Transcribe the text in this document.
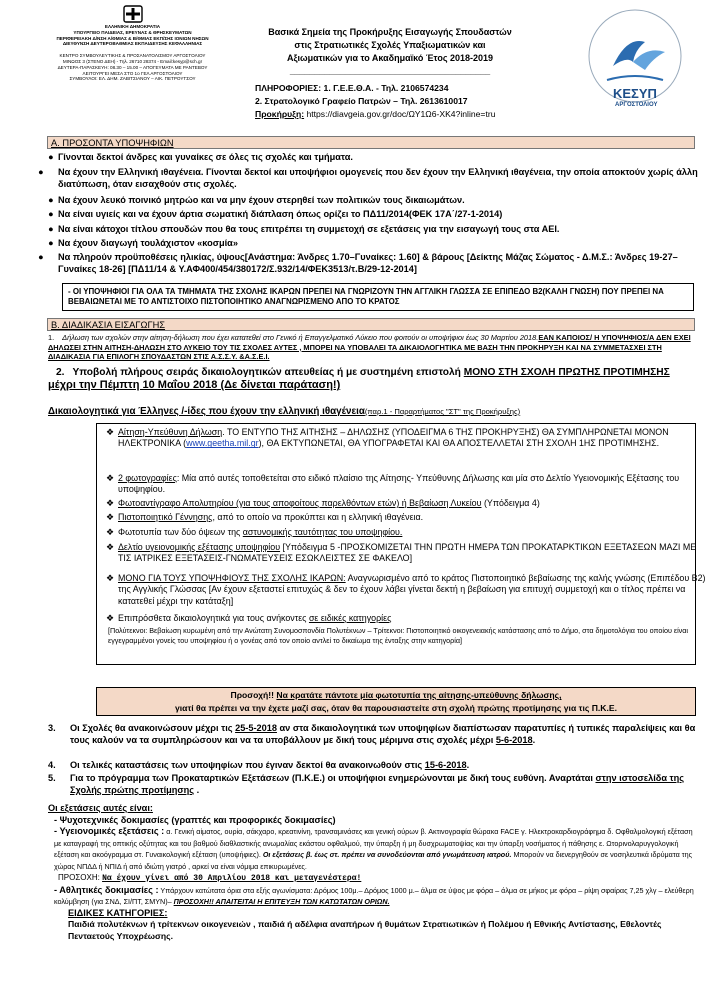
ΕΛΛΗΝΙΚΗ ΔΗΜΟΚΡΑΤΙΑ
ΥΠΟΥΡΓΕΙΟ ΠΑΙΔΕΙΑΣ, ΕΡΕΥΝΑΣ & ΘΡΗΣΚΕΥΜΑΤΩΝ
ΠΕΡΙΦΕΡΕΙΑΚΗ Δ/ΝΣΗ Α/ΘΜΙΑΣ & Β/ΘΜΙΑΣ ΕΚΠ/ΣΗΣ ΙΟΝΙΩΝ ΝΗΣΩΝ
ΔΙΕΥΘΥΝΣΗ ΔΕΥΤΕΡΟΒΑΘΜΙΑΣ ΕΚΠΑΙΔΕΥΣΗΣ ΚΕΦΑΛΛΗΝΙΑΣ
ΚΕΝΤΡΟ ΣΥΜΒΟΥΛΕΥΤΙΚΗΣ & ΠΡΟΣΑΝΑΤΟΛΙΣΜΟΥ ΑΡΓΟΣΤΟΛΙΟΥ
ΜΙΝΩΟΣ 3 (ΣΤΕΝΟ ΔΕΗ) - Τηλ. 26710 28374 - Email:kesyp@sch.gr
ΔΕΥΤΕΡΑ-ΠΑΡΑΣΚΕΥΗ: 08.30 – 15.00 – ΑΠΟΓΕΥΜΑΤΑ ΜΕ ΡΑΝΤΕΒΟΥ
ΛΕΙΤΟΥΡΓΕΙ ΜΕΣΑ ΣΤΟ 1ο ΓΕΛ ΑΡΓΟΣΤΟΛΙΟΥ
ΣΥΜΒΟΥΛΟΙ: ΕΛ. ΔΗΜ. ΖΑΒΙΤΣΙΑΝΟΥ – ΑΙΚ. ΠΕΤΡΟΥΤΣΟΥ
Βασικά Σημεία της Προκήρυξης Εισαγωγής Σπουδαστών
στις Στρατιωτικές Σχολές Υπαξιωματικών και
Αξιωματικών για το Ακαδημαϊκό Έτος 2018-2019
________________________________________
ΠΛΗΡΟΦΟΡΙΕΣ: 1. Γ.Ε.Ε.Θ.Α. - Τηλ. 2106574234
2. Στρατολογικό Γραφείο Πατρών – Τηλ. 2613610017
Προκήρυξη: https://diavgeia.gov.gr/doc/ΩΥ1Ω6-ΧΚ4?inline=tru
ΚΕΣΥΠ
ΑΡΓΟΣΤΟΛΙΟΥ
Α. ΠΡΟΣΟΝΤΑ ΥΠΟΨΗΦΙΩΝ
● Γίνονται δεκτοί άνδρες και γυναίκες σε όλες τις σχολές και τμήματα.
● Να έχουν την Ελληνική ιθαγένεια. Γίνονται δεκτοί και υποψήφιοι ομογενείς που δεν έχουν την Ελληνική ιθαγένεια, την οποία αποκτούν χωρίς άλλη διατύπωση, όταν εισαχθούν στις σχολές.
● Να έχουν λευκό ποινικό μητρώο και να μην έχουν στερηθεί των πολιτικών τους δικαιωμάτων.
● Να είναι υγιείς και να έχουν άρτια σωματική διάπλαση όπως ορίζει το ΠΔ11/2014(ΦΕΚ 17Α΄/27-1-2014)
● Να είναι κάτοχοι τίτλου σπουδών που θα τους επιτρέπει τη συμμετοχή σε εξετάσεις για την εισαγωγή τους στα ΑΕΙ.
● Να έχουν διαγωγή τουλάχιστον «κοσμία»
● Να πληρούν προϋποθέσεις ηλικίας, ύψους[Ανάστημα: Άνδρες 1.70–Γυναίκες: 1.60] & βάρους [Δείκτης Μάζας Σώματος - Δ.Μ.Σ.: Άνδρες 19-27– Γυναίκες 18-26] [ΠΔ11/14 & Υ.ΑΦ400/454/380172/Σ.932/14/ΦΕΚ3513/τ.Β/29-12-2014]
- ΟΙ ΥΠΟΨΗΦΙΟΙ ΓΙΑ ΟΛΑ ΤΑ ΤΜΗΜΑΤΑ ΤΗΣ ΣΧΟΛΗΣ ΙΚΑΡΩΝ ΠΡΕΠΕΙ ΝΑ ΓΝΩΡΙΖΟΥΝ ΤΗΝ ΑΓΓΛΙΚΗ ΓΛΩΣΣΑ ΣΕ ΕΠΙΠΕΔΟ Β2(ΚΑΛΗ ΓΝΩΣΗ) ΠΟΥ ΠΡΕΠΕΙ ΝΑ ΒΕΒΑΙΩΝΕΤΑΙ ΜΕ ΤΟ ΑΝΤΙΣΤΟΙΧΟ ΠΙΣΤΟΠΟΙΗΤΙΚΟ ΑΝΑΓΝΩΡΙΣΜΕΝΟ ΑΠΟ ΤΟ ΚΡΑΤΟΣ
Β. ΔΙΑΔΙΚΑΣΙΑ ΕΙΣΑΓΩΓΗΣ
1. Δήλωση των σχολών στην αίτηση-δήλωση που έχει κατατεθεί στο Γενικό ή Επαγγελματικό Λύκειο που φοιτούν οι υποψήφιοι έως 30 Μαρτίου 2018.ΕΑΝ ΚΑΠΟΙΟΣ/ Η ΥΠΟΨΗΦΙΟΣ/Α ΔΕΝ ΕΧΕΙ ΔΗΛΩΣΕΙ ΣΤΗΝ ΑΙΤΗΣΗ-ΔΗΛΩΣΗ ΣΤΟ ΛΥΚΕΙΟ ΤΟΥ ΤΙΣ ΣΧΟΛΕΣ ΑΥΤΕΣ , ΜΠΟΡΕΙ ΝΑ ΥΠΟΒΑΛΕΙ ΤΑ ΔΙΚΑΙΟΛΟΓΗΤΙΚΑ ΜΕ ΒΑΣΗ ΤΗΝ ΠΡΟΚΗΡΥΞΗ ΚΑΙ ΝΑ ΣΥΜΜΕΤΑΣΧΕΙ ΣΤΗ ΔΙΑΔΙΚΑΣΙΑ ΓΙΑ ΕΠΙΛΟΓΗ ΣΠΟΥΔΑΣΤΩΝ ΣΤΙΣ Α.Σ.Σ.Υ. &Α.Σ.Ε.Ι.
2. Υποβολή πλήρους σειράς δικαιολογητικών απευθείας ή με συστημένη επιστολή ΜΟΝΟ ΣΤΗ ΣΧΟΛΗ ΠΡΩΤΗΣ ΠΡΟΤΙΜΗΣΗΣ μέχρι την Πέμπτη 10 Μαΐου 2018 (Δε δίνεται παράταση!)
Δικαιολογητικά για Έλληνες /-ίδες που έχουν την ελληνική ιθαγένεια(παρ.1 - Παραρτήματος "ΣΤ" της Προκήρυξης)
❖ Αίτηση-Υπεύθυνη Δήλωση. ΤΟ ΕΝΤΥΠΟ ΤΗΣ ΑΙΤΗΣΗΣ – ΔΗΛΩΣΗΣ (ΥΠΟΔΕΙΓΜΑ 6 ΤΗΣ ΠΡΟΚΗΡΥΞΗΣ) ΘΑ ΣΥΜΠΛΗΡΩΝΕΤΑΙ ΜΟΝΟΝ ΗΛΕΚΤΡΟΝΙΚΑ (www.geetha.mil.gr), ΘΑ ΕΚΤΥΠΩΝΕΤΑΙ, ΘΑ ΥΠΟΓΡΑΦΕΤΑΙ ΚΑΙ ΘΑ ΑΠΟΣΤΕΛΛΕΤΑΙ ΣΤΗ ΣΧΟΛΗ 1ΗΣ ΠΡΟΤΙΜΗΣΗΣ.
❖ 2 φωτογραφίες: Μία από αυτές τοποθετείται στο ειδικό πλαίσιο της Αίτησης- Υπεύθυνης Δήλωσης και μία στο Δελτίο Υγειονομικής Εξέτασης του υποψηφίου.
❖ Φωτοαντίγραφο Απολυτηρίου (για τους αποφοίτους παρελθόντων ετών) ή Βεβαίωση Λυκείου (Υπόδειγμα 4)
❖ Πιστοποιητικό Γέννησης, από το οποίο να προκύπτει και η ελληνική ιθαγένεια.
❖ Φωτοτυπία των δύο όψεων της αστυνομικής ταυτότητας του υποψηφίου.
❖ Δελτίο υγειονομικής εξέτασης υποψηφίου [Υπόδειγμα 5 -ΠΡΟΣΚΟΜΙΖΕΤΑΙ ΤΗΝ ΠΡΩΤΗ ΗΜΕΡΑ ΤΩΝ ΠΡΟΚΑΤΑΡΚΤΙΚΩΝ ΕΞΕΤΑΣΕΩΝ ΜΑΖΙ ΜΕ ΤΙΣ ΙΑΤΡΙΚΕΣ ΕΞΕΤΑΣΕΙΣ-ΓΝΩΜΑΤΕΥΣΕΙΣ ΕΣΩΚΛΕΙΣΤΕΣ ΣΕ ΦΑΚΕΛΟ]
❖ ΜΟΝΟ ΓΙΑ ΤΟΥΣ ΥΠΟΨΗΦΙΟΥΣ ΤΗΣ ΣΧΟΛΗΣ ΙΚΑΡΩΝ: Αναγνωρισμένο από το κράτος Πιστοποιητικό βεβαίωσης της καλής γνώσης (Επιπέδου Β2) της Αγγλικής Γλώσσας [Αν έχουν εξεταστεί επιτυχώς & δεν το έχουν λάβει γίνεται δεκτή η βεβαίωση για επιτυχή συμμετοχή και ο τίτλος πρέπει να κατατεθεί μέχρι την κατάταξη]
❖ Επιπρόσθετα δικαιολογητικά για τους ανήκοντες σε ειδικές κατηγορίες
[Πολύτεκνοι: Βεβαίωση κυρωμένη από την Ανώτατη Συνομοσπονδία Πολυτέκνων – Τρίτεκνοι: Πιστοποιητικό οικογενειακής κατάστασης από το Δήμο, στα δημοτολόγια του οποίου είναι εγγεγραμμένοι γονείς του υποψηφίου ή ο γονέας από τον οποίο αντλεί το δικαίωμα της ένταξης στην κατηγορία]
Προσοχή!! Να κρατάτε πάντοτε μία φωτοτυπία της αίτησης-υπεύθυνης δήλωσης,
γιατί θα πρέπει να την έχετε μαζί σας, όταν θα παρουσιαστείτε στη σχολή πρώτης προτίμησης για τις Π.Κ.Ε.
3.	Οι Σχολές θα ανακοινώσουν μέχρι τις 25-5-2018 αν στα δικαιολογητικά των υποψηφίων διαπίστωσαν παρατυπίες ή τυπικές παραλείψεις και θα τους καλούν να τα συμπληρώσουν και να τα υποβάλλουν με δική τους μέριμνα στις σχολές μέχρι 5-6-2018.
4.	Οι τελικές καταστάσεις των υποψηφίων που έγιναν δεκτοί θα ανακοινωθούν στις 15-6-2018.
5.	Για το πρόγραμμα των Προκαταρτικών Εξετάσεων (Π.Κ.Ε.) οι υποψήφιοι ενημερώνονται με δική τους ευθύνη. Αναρτάται στην ιστοσελίδα της Σχολής πρώτης προτίμησης .
Οι εξετάσεις αυτές είναι:
- Ψυχοτεχνικές δοκιμασίες (γραπτές και προφορικές δοκιμασίες)
- Υγειονομικές εξετάσεις : α. Γενική αίματος, ουρία, σάκχαρο, κρεατινίνη, τρανσαμινάσες και γενική ούρων β. Ακτινογραφία θώρακα FACE γ. Ηλεκτροκαρδιογράφημα δ. Οφθαλμολογική εξέταση με καταγραφή της οπτικής οξύτητας και του βαθμού διαθλαστικής ανωμαλίας εκάστου οφθαλμού, την ύπαρξη ή μη δυσχρωματοψίας και την ύπαρξη νοσήματος ή πάθησης ε. Ωτορινολαρυγγολογική εξέταση και ακοόγραμμα στ. Γυναικολογική εξέταση (υποψήφιες). Οι εξετάσεις β. έως στ. πρέπει να συνοδεύονται από γνωμάτευση ιατρού. Μπορούν να διενεργηθούν σε νοσηλευτικά ιδρύματα της χώρας ΝΠΔΔ ή ΝΠΙΔ ή από ιδιώτη γιατρό , αρκεί να είναι νόμιμα επικυρωμένες.
ΠΡΟΣΟΧΗ: Να έχουν γίνει από 30 Απριλίου 2018 και μεταγενέστερα!
- Αθλητικές δοκιμασίες : Υπάρχουν κατώτατα όρια στα εξής αγωνίσματα: Δρόμος 100μ.– Δρόμος 1000 μ.– άλμα σε ύψος με φόρα – άλμα σε μήκος με φόρα – ρίψη σφαίρας 7,25 χλγ – ελεύθερη κολύμβηση (για ΣΝΔ, ΣΙ/ΠΤ, ΣΜΥΝ)– ΠΡΟΣΟΧΗ!! ΑΠΑΙΤΕΙΤΑΙ Η ΕΠΙΤΕΥΞΗ ΤΩΝ ΚΑΤΩΤΑΤΩΝ ΟΡΙΩΝ.
ΕΙΔΙΚΕΣ ΚΑΤΗΓΟΡΙΕΣ:
Παιδιά πολυτέκνων ή τρίτεκνων οικογενειών , παιδιά ή αδέλφια αναπήρων ή θυμάτων Στρατιωτικών ή Πολέμου ή Εθνικής Αντίστασης, Εθελοντές Πενταετούς Υποχρέωσης.
